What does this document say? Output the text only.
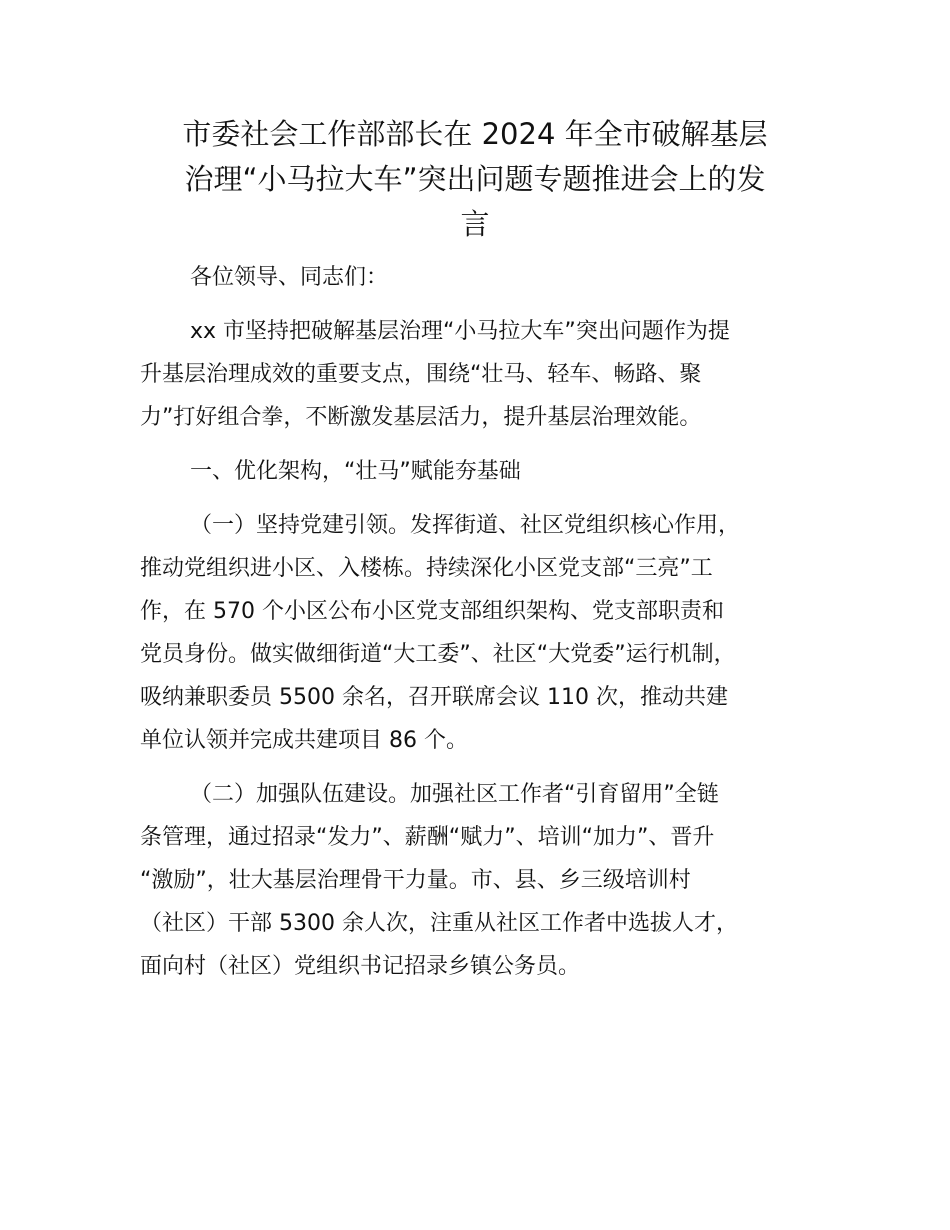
市委社会工作部部长在 2024 年全市破解基层
治理“小马拉大车”突出问题专题推进会上的发
言

各位领导、同志们：

xx 市坚持把破解基层治理“小马拉大车”突出问题作为提
升基层治理成效的重要支点，围绕“壮马、轻车、畅路、聚
力”打好组合拳，不断激发基层活力，提升基层治理效能。

一、优化架构，“壮马”赋能夯基础

（一）坚持党建引领。发挥街道、社区党组织核心作用，
推动党组织进小区、入楼栋。持续深化小区党支部“三亮”工
作，在 570 个小区公布小区党支部组织架构、党支部职责和
党员身份。做实做细街道“大工委”、社区“大党委”运行机制，
吸纳兼职委员 5500 余名，召开联席会议 110 次，推动共建
单位认领并完成共建项目 86 个。

（二）加强队伍建设。加强社区工作者“引育留用”全链
条管理，通过招录“发力”、薪酬“赋力”、培训“加力”、晋升
“激励”，壮大基层治理骨干力量。市、县、乡三级培训村
（社区）干部 5300 余人次，注重从社区工作者中选拔人才，
面向村（社区）党组织书记招录乡镇公务员。
